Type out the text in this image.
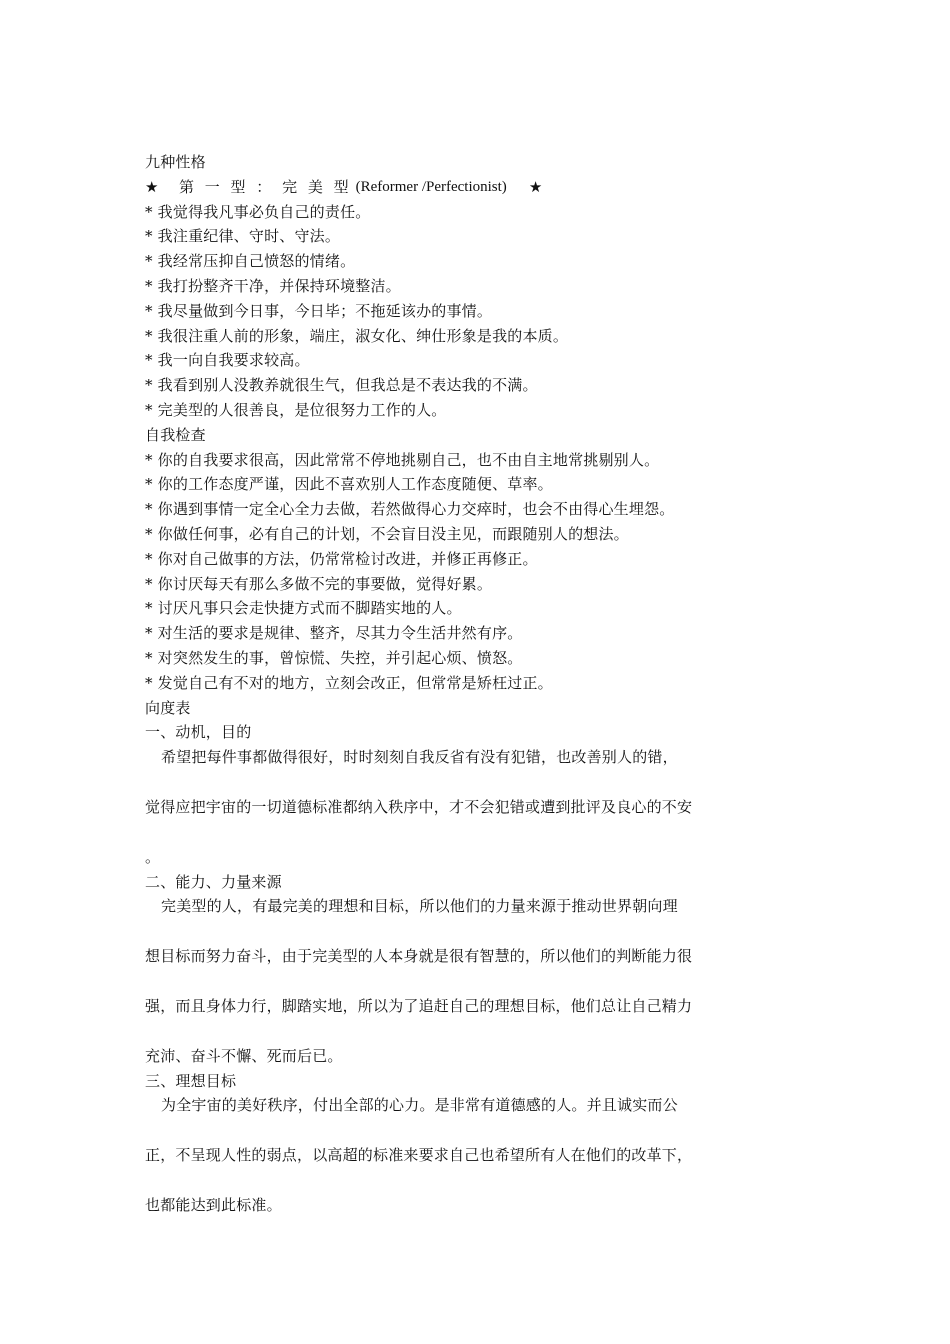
九种性格
★	第 一 型 ： 完 美 型 (Reformer /Perfectionist) ★
* 我觉得我凡事必负自己的责任。
* 我注重纪律、守时、守法。
* 我经常压抑自己愤怒的情绪。
* 我打扮整齐干净，并保持环境整洁。
* 我尽量做到今日事，今日毕；不拖延该办的事情。
* 我很注重人前的形象，端庄，淑女化、绅仕形象是我的本质。
* 我一向自我要求较高。
* 我看到别人没教养就很生气，但我总是不表达我的不满。
* 完美型的人很善良，是位很努力工作的人。
自我检查
* 你的自我要求很高，因此常常不停地挑剔自己，也不由自主地常挑剔别人。
* 你的工作态度严谨，因此不喜欢别人工作态度随便、草率。
* 你遇到事情一定全心全力去做，若然做得心力交瘁时，也会不由得心生埋怨。
* 你做任何事，必有自己的计划，不会盲目没主见，而跟随别人的想法。
* 你对自己做事的方法，仍常常检讨改进，并修正再修正。
* 你讨厌每天有那么多做不完的事要做，觉得好累。
* 讨厌凡事只会走快捷方式而不脚踏实地的人。
* 对生活的要求是规律、整齐，尽其力令生活井然有序。
* 对突然发生的事，曾惊慌、失控，并引起心烦、愤怒。
* 发觉自己有不对的地方，立刻会改正，但常常是矫枉过正。
向度表
一、动机，目的
希望把每件事都做得很好，时时刻刻自我反省有没有犯错，也改善别人的错，
觉得应把宇宙的一切道德标准都纳入秩序中，才不会犯错或遭到批评及良心的不安
。
二、能力、力量来源
完美型的人，有最完美的理想和目标，所以他们的力量来源于推动世界朝向理
想目标而努力奋斗，由于完美型的人本身就是很有智慧的，所以他们的判断能力很
强，而且身体力行，脚踏实地，所以为了追赶自己的理想目标，他们总让自己精力
充沛、奋斗不懈、死而后已。
三、理想目标
为全宇宙的美好秩序，付出全部的心力。是非常有道德感的人。并且诚实而公
正，不呈现人性的弱点，以高超的标准来要求自己也希望所有人在他们的改革下，
也都能达到此标准。
